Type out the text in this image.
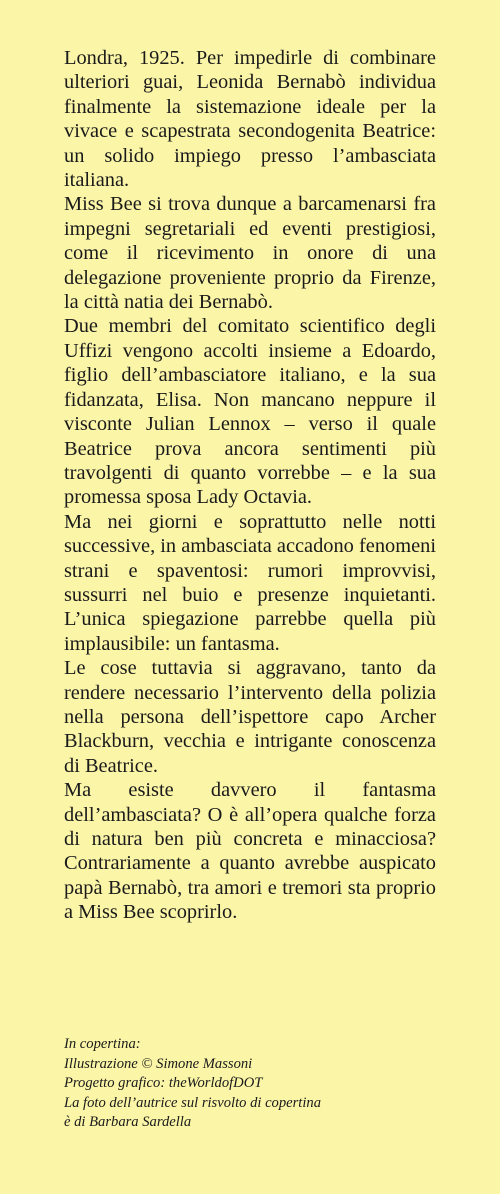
Londra, 1925. Per impedirle di combinare ulteriori guai, Leonida Bernabò individua finalmente la sistemazione ideale per la vivace e scapestrata secondogenita Beatrice: un solido impiego presso l’ambasciata italiana.

Miss Bee si trova dunque a barcamenarsi fra impegni segretariali ed eventi prestigiosi, come il ricevimento in onore di una delegazione proveniente proprio da Firenze, la città natia dei Bernabò.

Due membri del comitato scientifico degli Uffizi vengono accolti insieme a Edoardo, figlio dell’ambasciatore italiano, e la sua fidanzata, Elisa. Non mancano neppure il visconte Julian Lennox – verso il quale Beatrice prova ancora sentimenti più travolgenti di quanto vorrebbe – e la sua promessa sposa Lady Octavia.

Ma nei giorni e soprattutto nelle notti successive, in ambasciata accadono fenomeni strani e spaventosi: rumori improvvisi, sussurri nel buio e presenze inquietanti. L’unica spiegazione parrebbe quella più implausibile: un fantasma.

Le cose tuttavia si aggravano, tanto da rendere necessario l’intervento della polizia nella persona dell’ispettore capo Archer Blackburn, vecchia e intrigante conoscenza di Beatrice.

Ma esiste davvero il fantasma dell’ambasciata? O è all’opera qualche forza di natura ben più concreta e minacciosa? Contrariamente a quanto avrebbe auspicato papà Bernabò, tra amori e tremori sta proprio a Miss Bee scoprirlo.

In copertina:
Illustrazione © Simone Massoni
Progetto grafico: theWorldofDOT
La foto dell’autrice sul risvolto di copertina
è di Barbara Sardella
